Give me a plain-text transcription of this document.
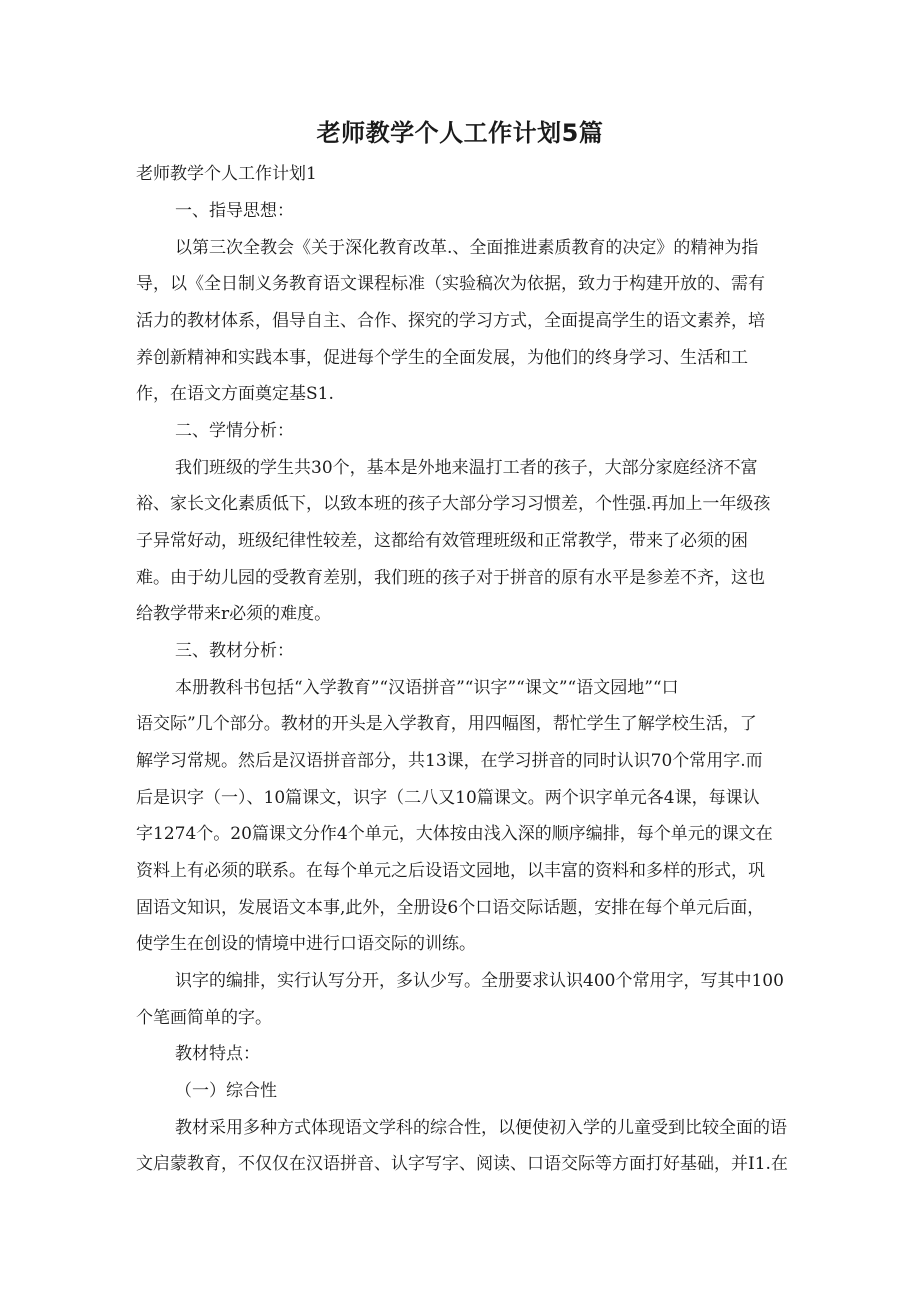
老师教学个人工作计划5篇

老师教学个人工作计划1

一、指导思想：

以第三次全教会《关于深化教育改革.、全面推进素质教育的决定》的精神为指

导，以《全日制义务教育语文课程标准（实验稿次为依据，致力于构建开放的、需有

活力的教材体系，倡导自主、合作、探究的学习方式，全面提高学生的语文素养，培

养创新精神和实践本事，促进每个学生的全面发展，为他们的终身学习、生活和工

作，在语文方面奠定基S1.

二、学情分析：

我们班级的学生共30个，基本是外地来温打工者的孩子，大部分家庭经济不富

裕、家长文化素质低下，以致本班的孩子大部分学习习惯差，个性强.再加上一年级孩

子异常好动，班级纪律性较差，这都给有效管理班级和正常教学，带来了必须的困

难。由于幼儿园的受教育差别，我们班的孩子对于拼音的原有水平是参差不齐，这也

给教学带来r必须的难度。

三、教材分析：

本册教科书包括“入学教育”“汉语拼音”“识字”“课文”“语文园地”“口

语交际”几个部分。教材的开头是入学教育，用四幅图，帮忙学生了解学校生活，了

解学习常规。然后是汉语拼音部分，共13课，在学习拼音的同时认识70个常用字.而

后是识字（一）、10篇课文，识字（二八又10篇课文。两个识字单元各4课，每课认

字1274个。20篇课文分作4个单元，大体按由浅入深的顺序编排，每个单元的课文在

资料上有必须的联系。在每个单元之后设语文园地，以丰富的资料和多样的形式，巩

固语文知识，发展语文本事,此外，全册设6个口语交际话题，安排在每个单元后面，

使学生在创设的情境中进行口语交际的训练。

识字的编排，实行认写分开，多认少写。全册要求认识400个常用字，写其中100

个笔画简单的字。

教材特点：

（一）综合性

教材采用多种方式体现语文学科的综合性，以便使初入学的儿童受到比较全面的语

文启蒙教育，不仅仅在汉语拼音、认字写字、阅读、口语交际等方面打好基础，并I1.在
